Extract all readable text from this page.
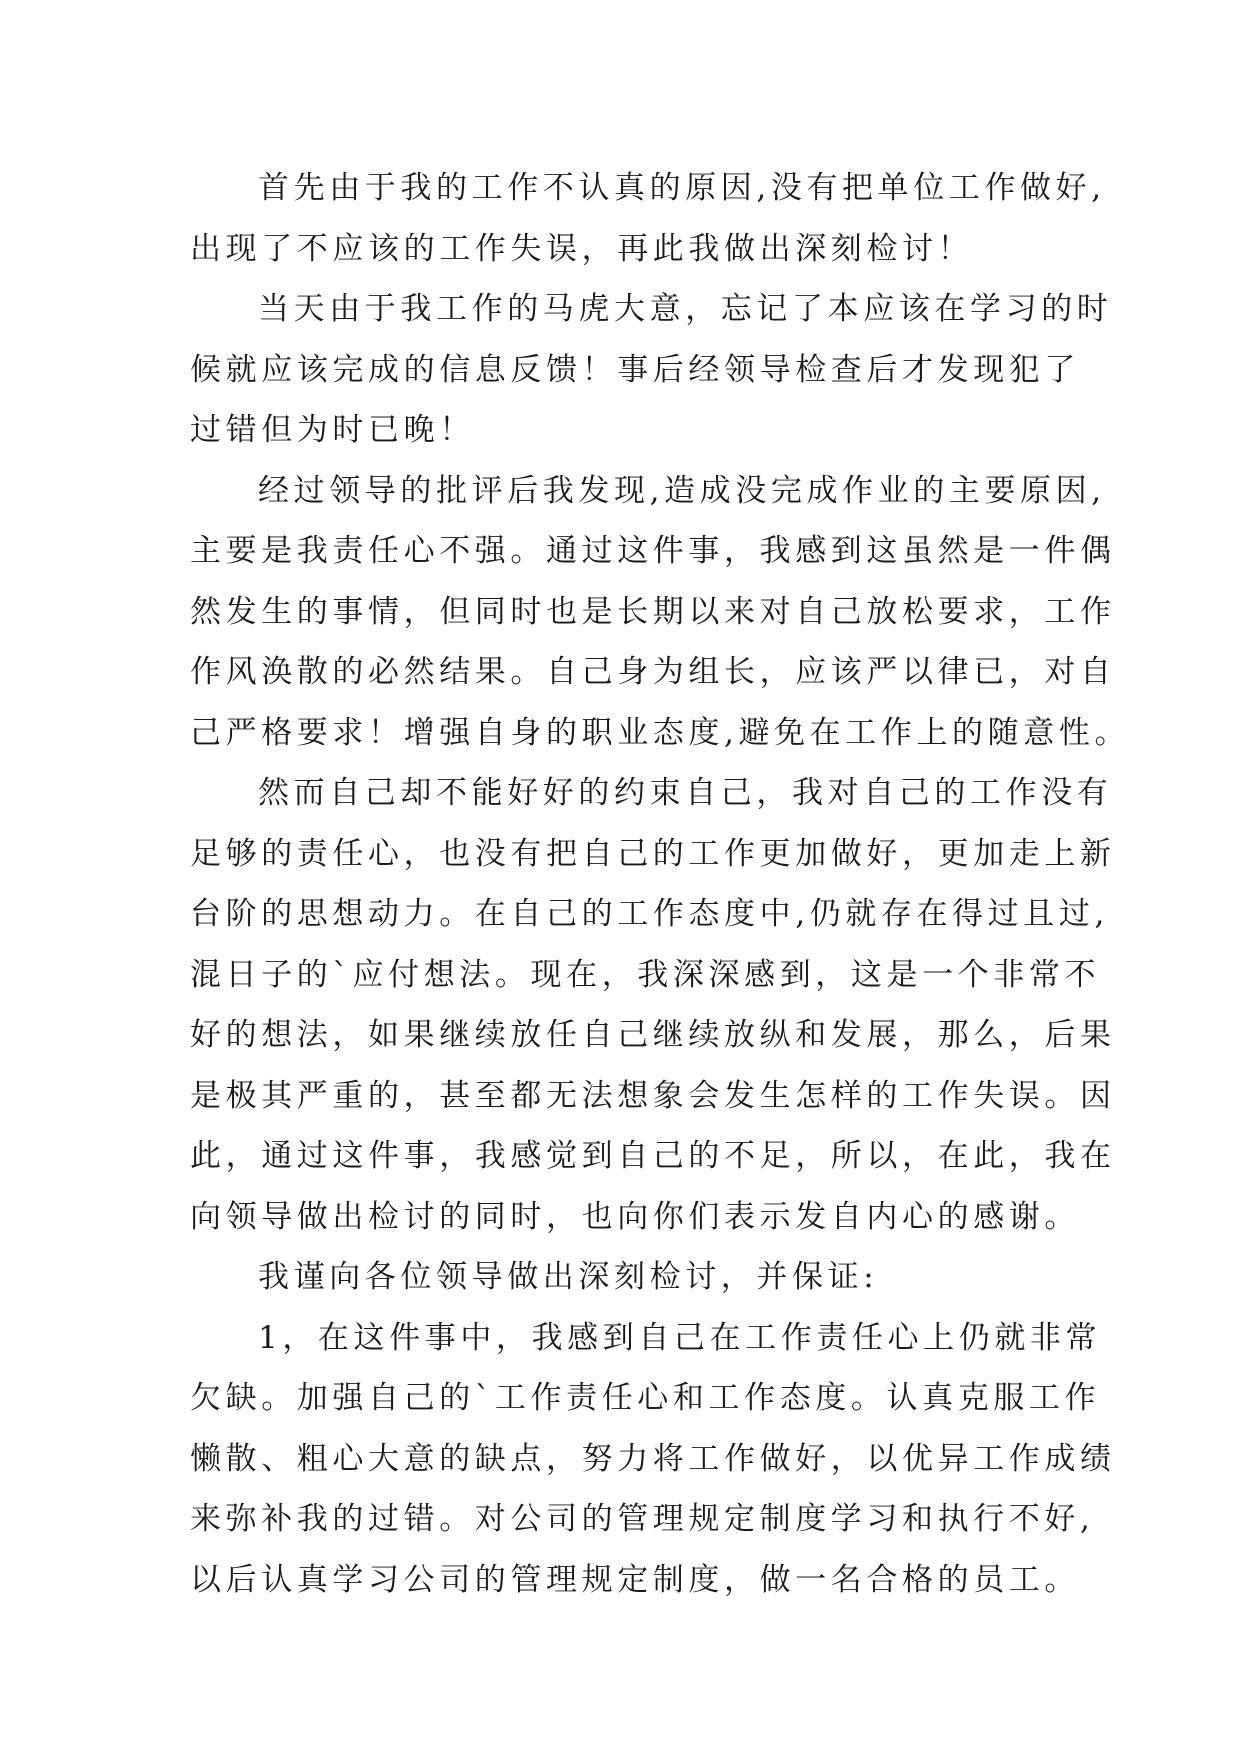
首先由于我的工作不认真的原因,没有把单位工作做好,
出现了不应该的工作失误，再此我做出深刻检讨！
当天由于我工作的马虎大意，忘记了本应该在学习的时
候就应该完成的信息反馈！事后经领导检查后才发现犯了
过错但为时已晚！
经过领导的批评后我发现,造成没完成作业的主要原因,
主要是我责任心不强。通过这件事，我感到这虽然是一件偶
然发生的事情，但同时也是长期以来对自己放松要求，工作
作风涣散的必然结果。自己身为组长，应该严以律已，对自
己严格要求！增强自身的职业态度,避免在工作上的随意性。
然而自己却不能好好的约束自己，我对自己的工作没有
足够的责任心，也没有把自己的工作更加做好，更加走上新
台阶的思想动力。在自己的工作态度中,仍就存在得过且过,
混日子的`应付想法。现在，我深深感到，这是一个非常不
好的想法，如果继续放任自己继续放纵和发展，那么，后果
是极其严重的，甚至都无法想象会发生怎样的工作失误。因
此，通过这件事，我感觉到自己的不足，所以，在此，我在
向领导做出检讨的同时，也向你们表示发自内心的感谢。
我谨向各位领导做出深刻检讨，并保证:
1，在这件事中，我感到自己在工作责任心上仍就非常
欠缺。加强自己的`工作责任心和工作态度。认真克服工作
懒散、粗心大意的缺点，努力将工作做好，以优异工作成绩
来弥补我的过错。对公司的管理规定制度学习和执行不好,
以后认真学习公司的管理规定制度，做一名合格的员工。
